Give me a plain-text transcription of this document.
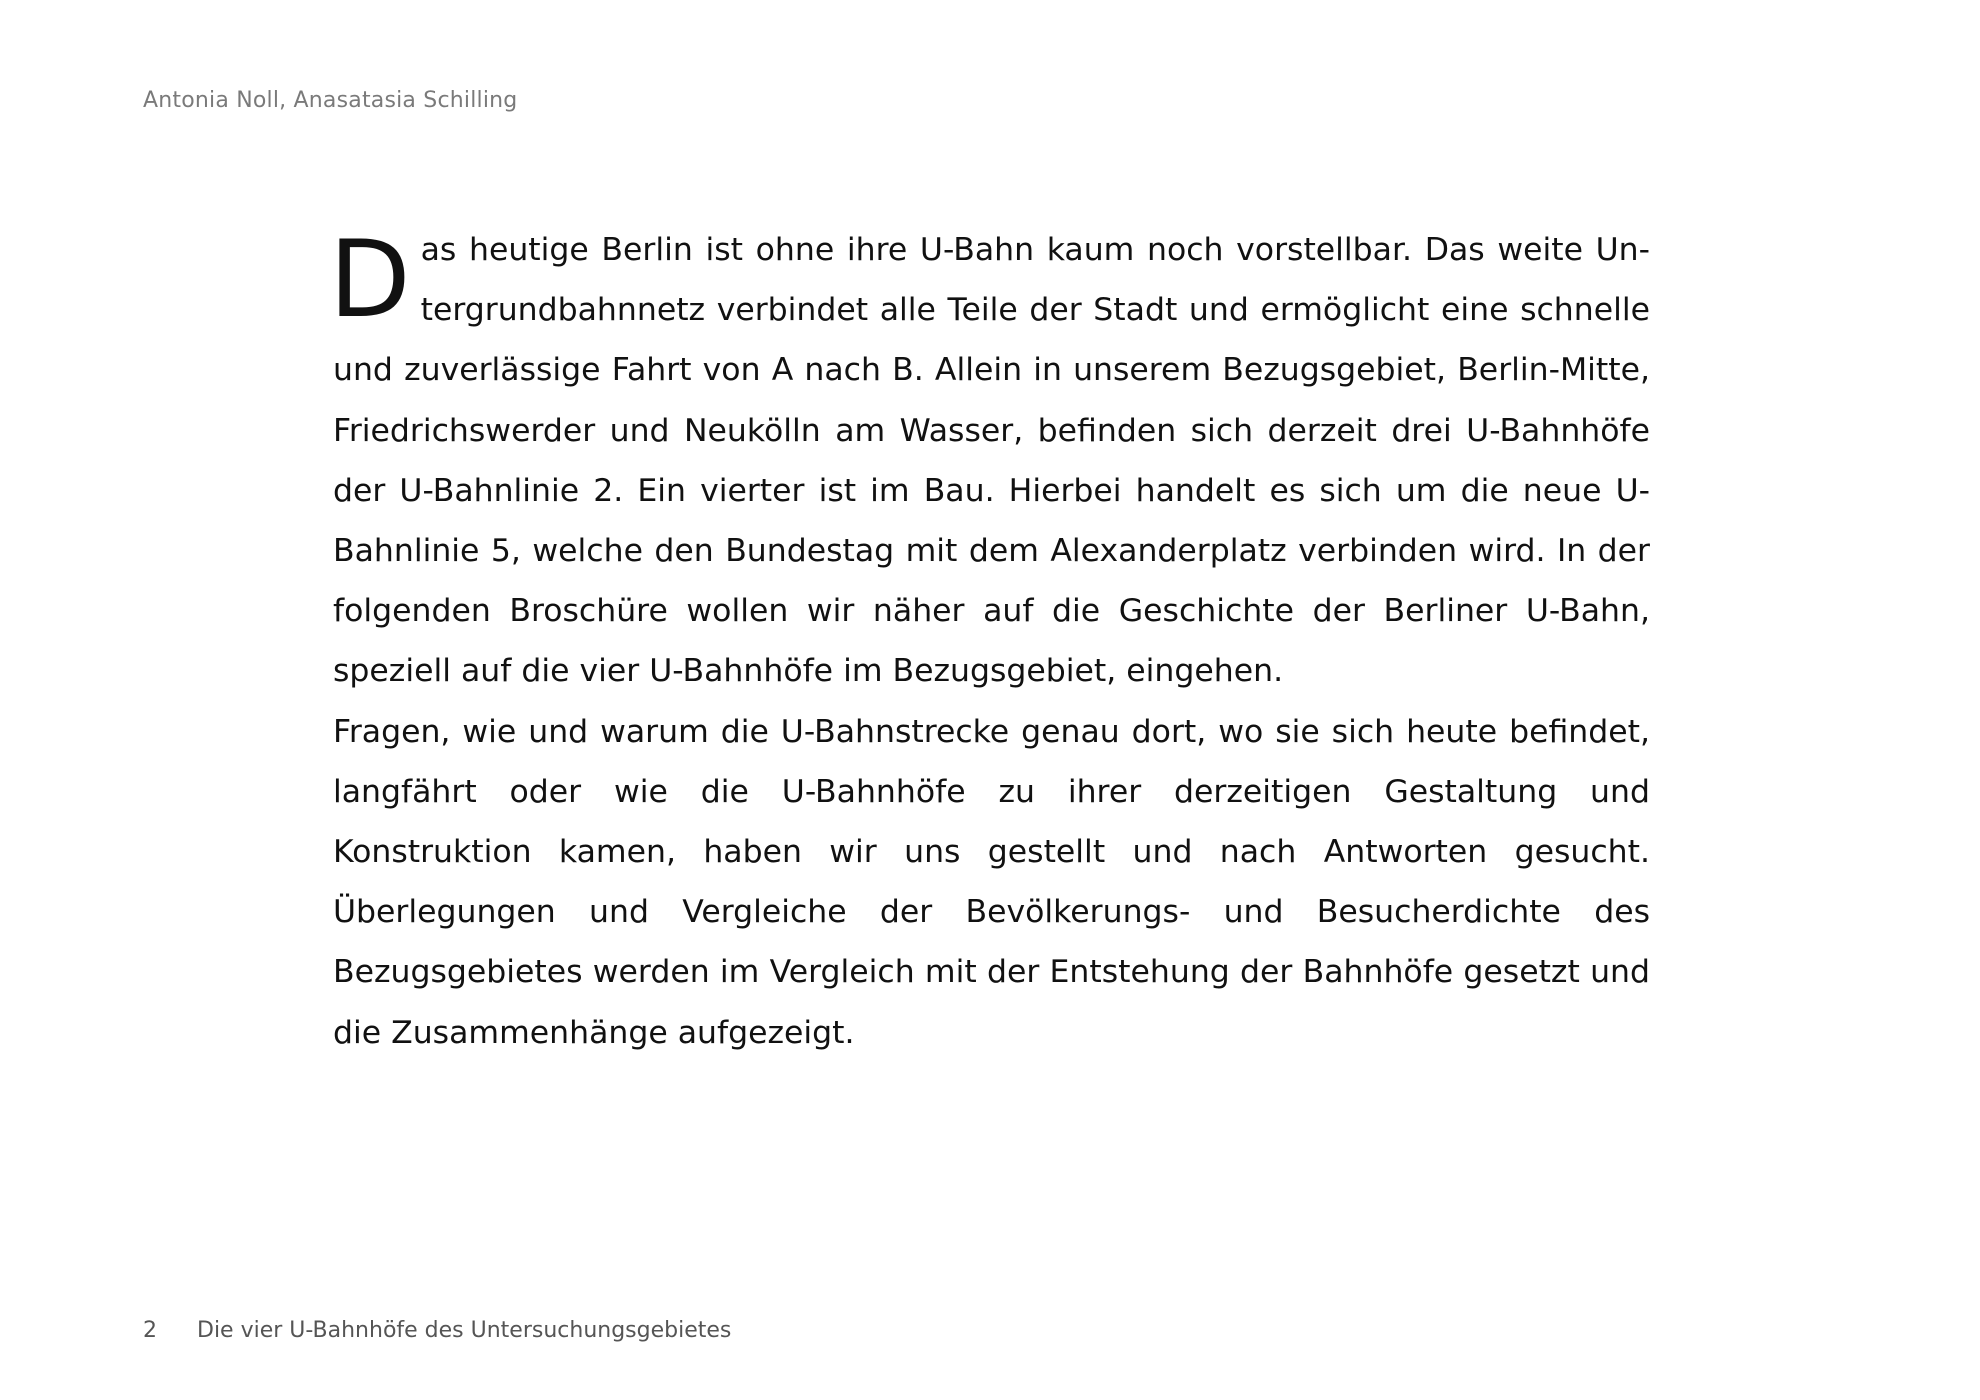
Antonia Noll, Anasatasia Schilling

Das heutige Berlin ist ohne ihre U-Bahn kaum noch vorstellbar. Das weite Untergrundbahnnetz verbindet alle Teile der Stadt und ermöglicht eine schnelle und zuverlässige Fahrt von A nach B. Allein in unserem Bezugsgebiet, Berlin-Mitte, Friedrichswerder und Neukölln am Wasser, befinden sich derzeit drei U-Bahnhöfe der U-Bahnlinie 2. Ein vierter ist im Bau. Hierbei handelt es sich um die neue U-Bahnlinie 5, welche den Bundestag mit dem Alexanderplatz verbinden wird. In der folgenden Broschüre wollen wir näher auf die Geschichte der Berliner U-Bahn, speziell auf die vier U-Bahnhöfe im Bezugsgebiet, eingehen.

Fragen, wie und warum die U-Bahnstrecke genau dort, wo sie sich heute befindet, langfährt oder wie die U-Bahnhöfe zu ihrer derzeitigen Gestaltung und Konstruktion kamen, haben wir uns gestellt und nach Antworten gesucht. Überlegungen und Vergleiche der Bevölkerungs- und Besucherdichte des Bezugsgebietes werden im Vergleich mit der Entstehung der Bahnhöfe gesetzt und die Zusammenhänge aufgezeigt.

2 Die vier U-Bahnhöfe des Untersuchungsgebietes
